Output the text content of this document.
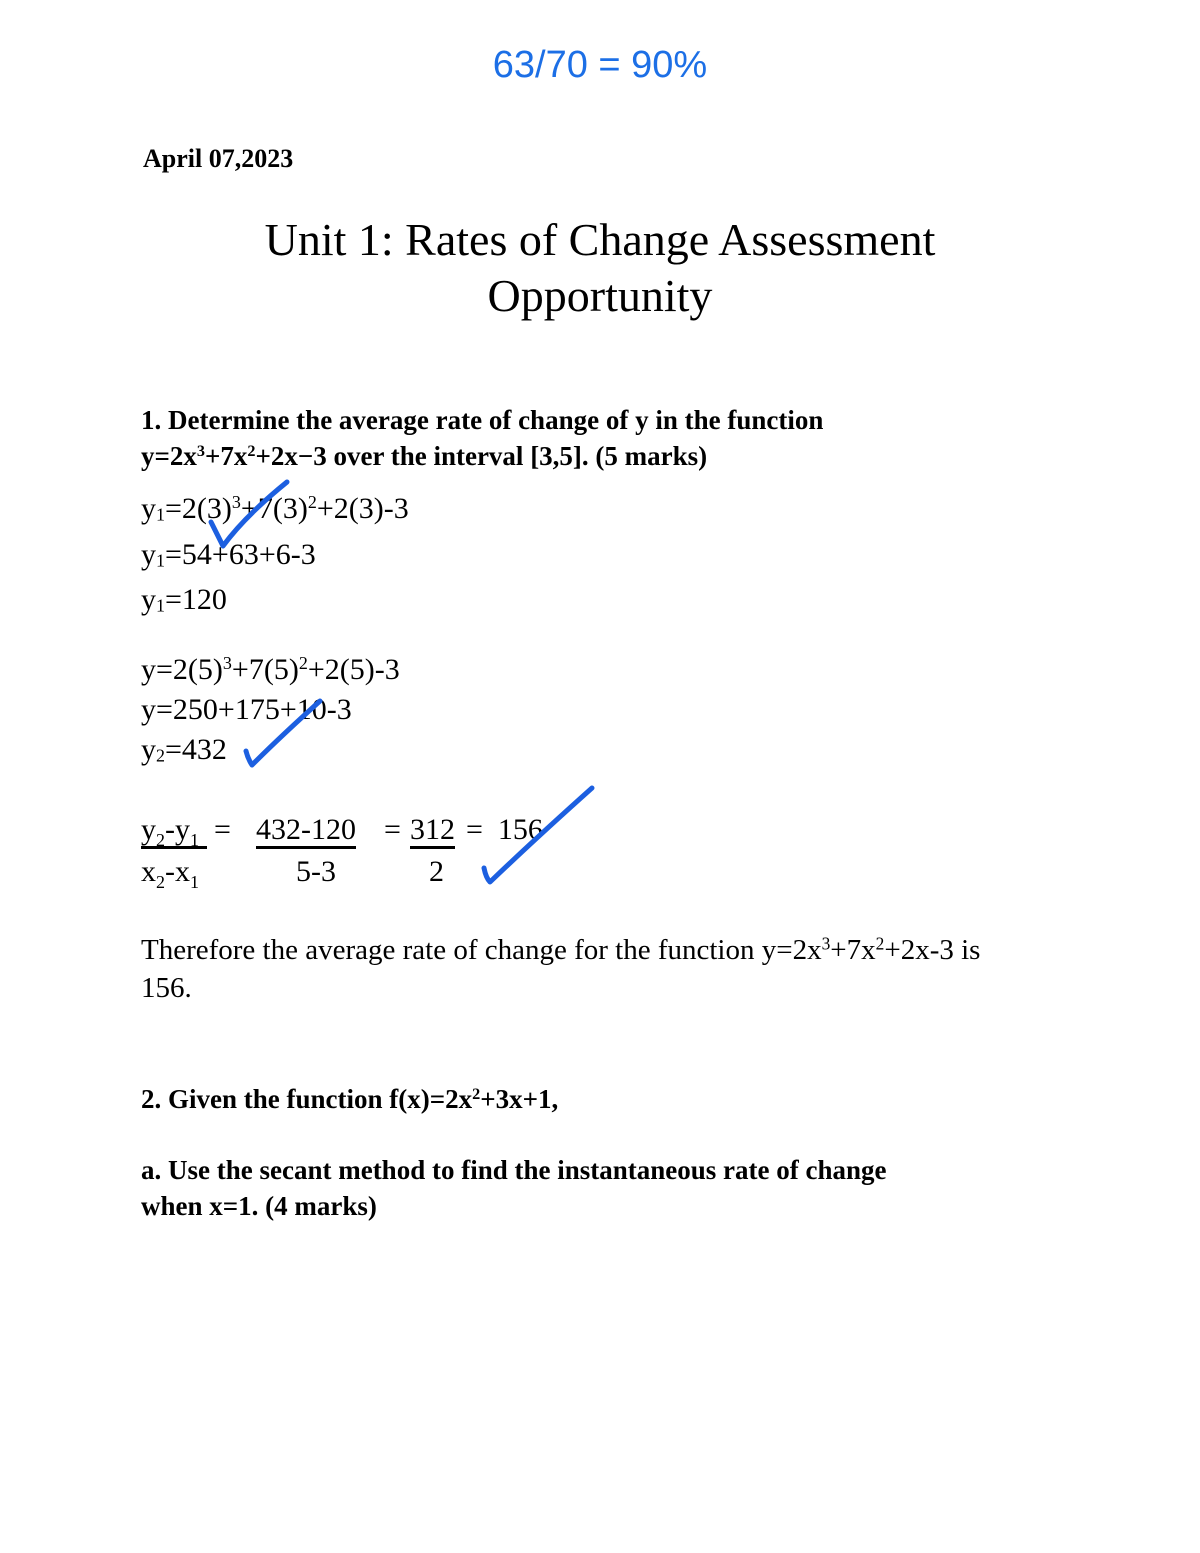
63/70 = 90%
April 07,2023
Unit 1: Rates of Change Assessment
Opportunity
1. Determine the average rate of change of y in the function
$y=2x^3+7x^2+2x-3$ over the interval [3,5]. (5 marks)
$y_1=2(3)^3+7(3)^2+2(3)-3$
$y_1=54+63+6-3$
$y_1=120$
$y=2(5)^3+7(5)^2+2(5)-3$
y=250+175+10-3
$y_2=432$
$y_2-y_1 = 432-120 = 312 = 156$
$x_2-x_1$	5-3	2
Therefore the average rate of change for the function $y=2x^3+7x^2+2x-3$ is
156.
2. Given the function $f(x)=2x^2+3x+1$,
a. Use the secant method to find the instantaneous rate of change
when x=1. (4 marks)
